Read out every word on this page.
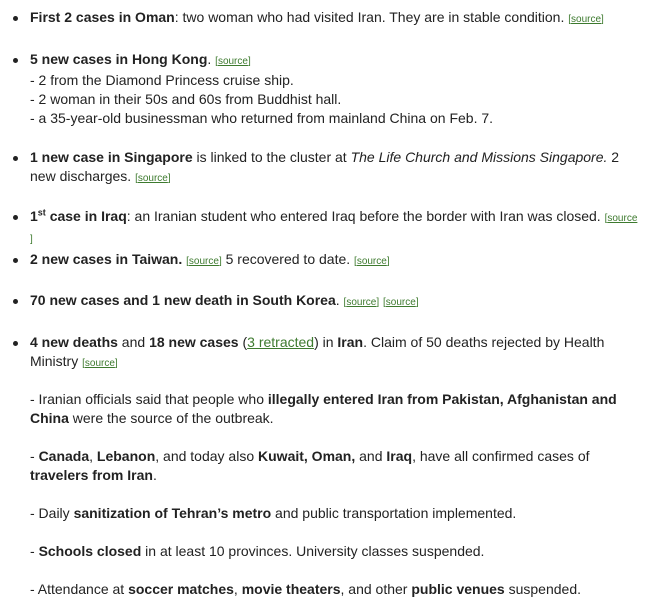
First 2 cases in Oman: two woman who had visited Iran. They are in stable condition. [ source ]
5 new cases in Hong Kong. [ source ]
- 2 from the Diamond Princess cruise ship.
- 2 woman in their 50s and 60s from Buddhist hall.
- a 35-year-old businessman who returned from mainland China on Feb. 7.
1 new case in Singapore is linked to the cluster at The Life Church and Missions Singapore. 2 new discharges. [ source ]
1st case in Iraq: an Iranian student who entered Iraq before the border with Iran was closed. [ source ]
2 new cases in Taiwan. [ source ] 5 recovered to date. [ source ]
70 new cases and 1 new death in South Korea. [ source ] [ source ]
4 new deaths and 18 new cases (3 retracted) in Iran. Claim of 50 deaths rejected by Health Ministry [ source ]
- Iranian officials said that people who illegally entered Iran from Pakistan, Afghanistan and China were the source of the outbreak.
- Canada, Lebanon, and today also Kuwait, Oman, and Iraq, have all confirmed cases of travelers from Iran.
- Daily sanitization of Tehran’s metro and public transportation implemented.
- Schools closed in at least 10 provinces. University classes suspended.
- Attendance at soccer matches, movie theaters, and other public venues suspended.
